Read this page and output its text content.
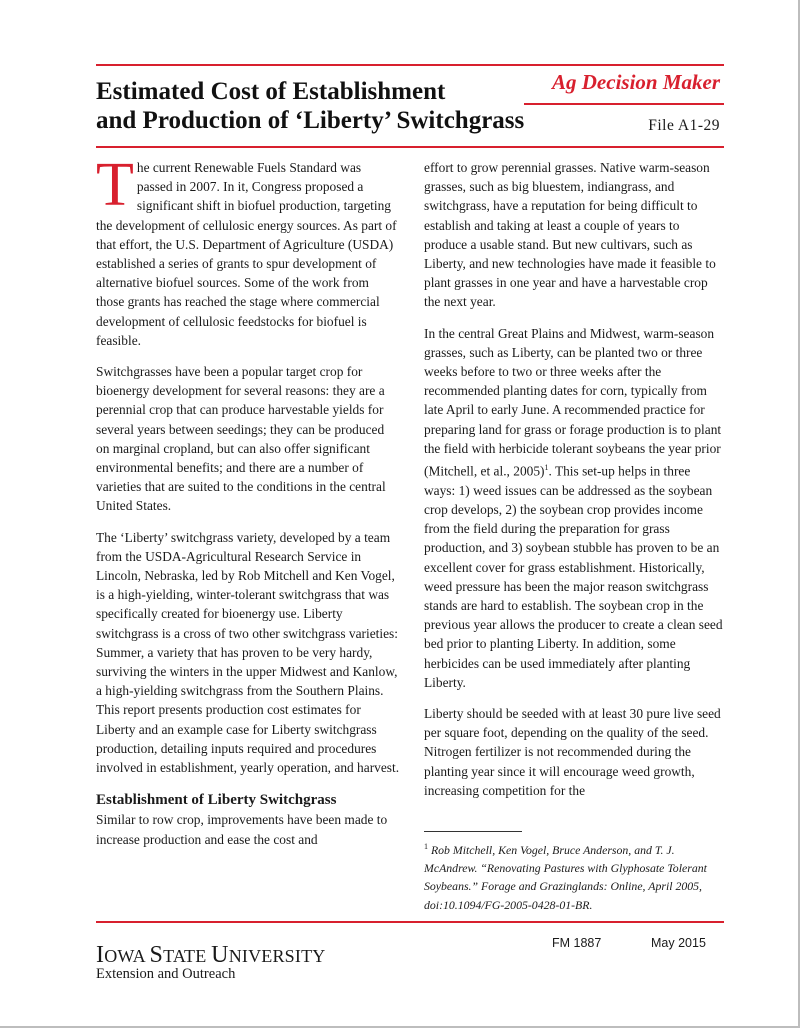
Ag Decision Maker
Estimated Cost of Establishment
and Production of ‘Liberty’ Switchgrass	File A1-29

The current Renewable Fuels Standard was passed in 2007. In it, Congress proposed a significant shift in biofuel production, targeting the development of cellulosic energy sources. As part of that effort, the U.S. Department of Agriculture (USDA) established a series of grants to spur development of alternative biofuel sources. Some of the work from those grants has reached the stage where commercial development of cellulosic feedstocks for biofuel is feasible.

Switchgrasses have been a popular target crop for bioenergy development for several reasons: they are a perennial crop that can produce harvestable yields for several years between seedings; they can be produced on marginal cropland, but can also offer significant environmental benefits; and there are a number of varieties that are suited to the conditions in the central United States.

The ‘Liberty’ switchgrass variety, developed by a team from the USDA-Agricultural Research Service in Lincoln, Nebraska, led by Rob Mitchell and Ken Vogel, is a high-yielding, winter-tolerant switchgrass that was specifically created for bioenergy use. Liberty switchgrass is a cross of two other switchgrass varieties: Summer, a variety that has proven to be very hardy, surviving the winters in the upper Midwest and Kanlow, a high-yielding switchgrass from the Southern Plains. This report presents production cost estimates for Liberty and an example case for Liberty switchgrass production, detailing inputs required and procedures involved in establishment, yearly operation, and harvest.

Establishment of Liberty Switchgrass

Similar to row crop, improvements have been made to increase production and ease the cost and

effort to grow perennial grasses. Native warm-season grasses, such as big bluestem, indiangrass, and switchgrass, have a reputation for being difficult to establish and taking at least a couple of years to produce a usable stand. But new cultivars, such as Liberty, and new technologies have made it feasible to plant grasses in one year and have a harvestable crop the next year.

In the central Great Plains and Midwest, warm-season grasses, such as Liberty, can be planted two or three weeks before to two or three weeks after the recommended planting dates for corn, typically from late April to early June. A recommended practice for preparing land for grass or forage production is to plant the field with herbicide tolerant soybeans the year prior (Mitchell, et al., 2005)$^1$. This set-up helps in three ways: 1) weed issues can be addressed as the soybean crop develops, 2) the soybean crop provides income from the field during the preparation for grass production, and 3) soybean stubble has proven to be an excellent cover for grass establishment. Historically, weed pressure has been the major reason switchgrass stands are hard to establish. The soybean crop in the previous year allows the producer to create a clean seed bed prior to planting Liberty. In addition, some herbicides can be used immediately after planting Liberty.

Liberty should be seeded with at least 30 pure live seed per square foot, depending on the quality of the seed. Nitrogen fertilizer is not recommended during the planting year since it will encourage weed growth, increasing competition for the

$^1$ Rob Mitchell, Ken Vogel, Bruce Anderson, and T. J. McAndrew. “Renovating Pastures with Glyphosate Tolerant Soybeans.” Forage and Grazinglands: Online, April 2005, doi:10.1094/FG-2005-0428-01-BR.
IOWA STATE UNIVERSITY
Extension and Outreach
FM 1887	May 2015
